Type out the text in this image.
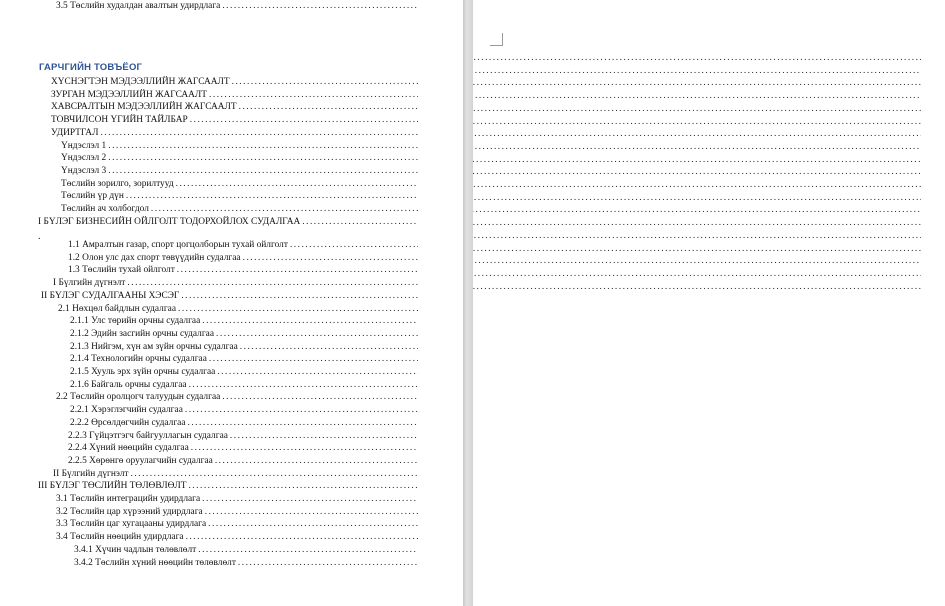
ГАРЧГИЙН ТОВЪЁОГ
.
ХҮСНЭГТЭН МЭДЭЭЛЛИЙН ЖАГСААЛТ
.....
ЗУРГАН МЭДЭЭЛЛИЙН ЖАГСААЛТ
.....
ХАВСРАЛТЫН МЭДЭЭЛЛИЙН ЖАГСААЛТ
.....
ТОВЧИЛСОН ҮГИЙН ТАЙЛБАР
.....
УДИРТГАЛ
.....
Үндэслэл 1
.....
Үндэслэл 2
.....
Үндэслэл 3
.....
Төслийн зорилго, зорилтууд
.....
Төслийн үр дүн
.....
Төслийн ач холбогдол
.....
I БҮЛЭГ БИЗНЕСИЙН ОЙЛГОЛТ ТОДОРХОЙЛОХ СУДАЛГАА
.....
1.1 Амралтын газар, спорт цогцолборын тухай ойлголт
.....
1.2 Олон улс дах спорт төвүүдийн судалгаа
.....
1.3 Төслийн тухай ойлголт
.....
I Бүлгийн дүгнэлт
.....
II БҮЛЭГ СУДАЛГААНЫ ХЭСЭГ
.....
2.1 Нөхцөл байдлын судалгаа
.....
2.1.1 Улс төрийн орчны судалгаа
.....
2.1.2 Эдийн засгийн орчны судалгаа
.....
2.1.3 Нийгэм, хүн ам зүйн орчны судалгаа
.....
2.1.4 Технологийн орчны судалгаа
.....
2.1.5 Хууль эрх зүйн орчны судалгаа
.....
2.1.6 Байгаль орчны судалгаа
.....
2.2 Төслийн оролцогч талуудын судалгаа
.....
2.2.1 Хэрэглэгчийн судалгаа
.....
2.2.2 Өрсөлдөгчийн судалгаа
.....
2.2.3 Гүйцэтгэгч байгууллагын судалгаа
.....
2.2.4 Хүний нөөцийн судалгаа
.....
2.2.5 Хөрөнгө оруулагчийн судалгаа
.....
II Бүлгийн дүгнэлт
.....
III БҮЛЭГ ТӨСЛИЙН ТӨЛӨВЛӨЛТ
.....
3.1 Төслийн интеграцийн удирдлага
.....
3.2 Төслийн цар хүрээний удирдлага
.....
3.3 Төслийн цаг хугацааны удирдлага
.....
3.4 Төслийн нөөцийн удирдлага
.....
3.4.1 Хүчин чадлын төлөвлөлт
.....
3.4.2 Төслийн хүний нөөцийн төлөвлөлт
.....
3.5 Төслийн худалдан авалтын удирдлага
.....
.....
.....
.....
.....
.....
.....
.....
.....
.....
.....
.....
.....
.....
.....
.....
.....
.....
.....
.....
